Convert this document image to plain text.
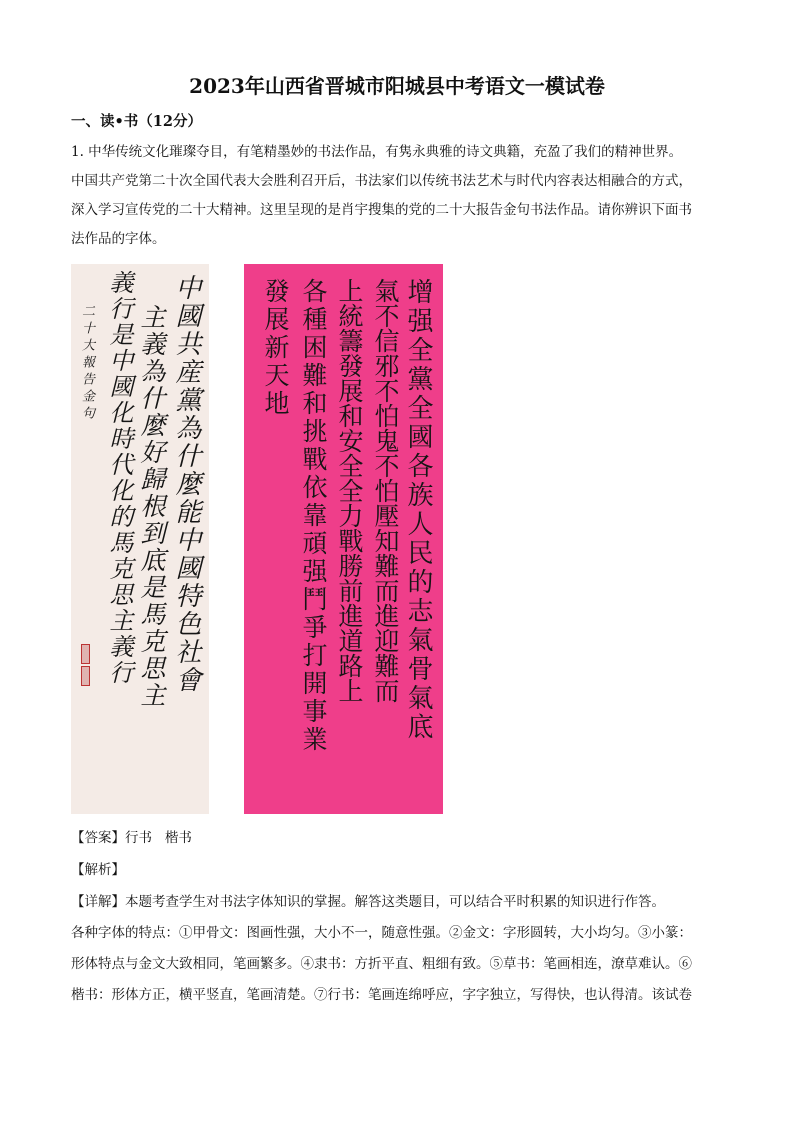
2023年山西省晋城市阳城县中考语文一模试卷
一、读•书（12分）
1. 中华传统文化璀璨夺目，有笔精墨妙的书法作品，有隽永典雅的诗文典籍，充盈了我们的精神世界。
中国共产党第二十次全国代表大会胜利召开后，书法家们以传统书法艺术与时代内容表达相融合的方式，
深入学习宣传党的二十大精神。这里呈现的是肖宇搜集的党的二十大报告金句书法作品。请你辨识下面书
法作品的字体。
中國共産黨為什麼能中國特色社會
主義為什麼好歸根到底是馬克思主
義行是中國化時代化的馬克思主義行
二十大報告金句	增强全黨全國各族人民的志氣骨氣底
氣不信邪不怕鬼不怕壓知難而進迎難而
上統籌發展和安全全力戰勝前進道路上
各種困難和挑戰依靠頑强鬥爭打開事業
發展新天地
【答案】行书   楷书
【解析】
【详解】本题考查学生对书法字体知识的掌握。解答这类题目，可以结合平时积累的知识进行作答。
各种字体的特点：①甲骨文：图画性强，大小不一，随意性强。②金文：字形圆转，大小均匀。③小篆：
形体特点与金文大致相同，笔画繁多。④隶书：方折平直、粗细有致。⑤草书：笔画相连，潦草难认。⑥
楷书：形体方正，横平竖直，笔画清楚。⑦行书：笔画连绵呼应，字字独立，写得快，也认得清。该试卷
